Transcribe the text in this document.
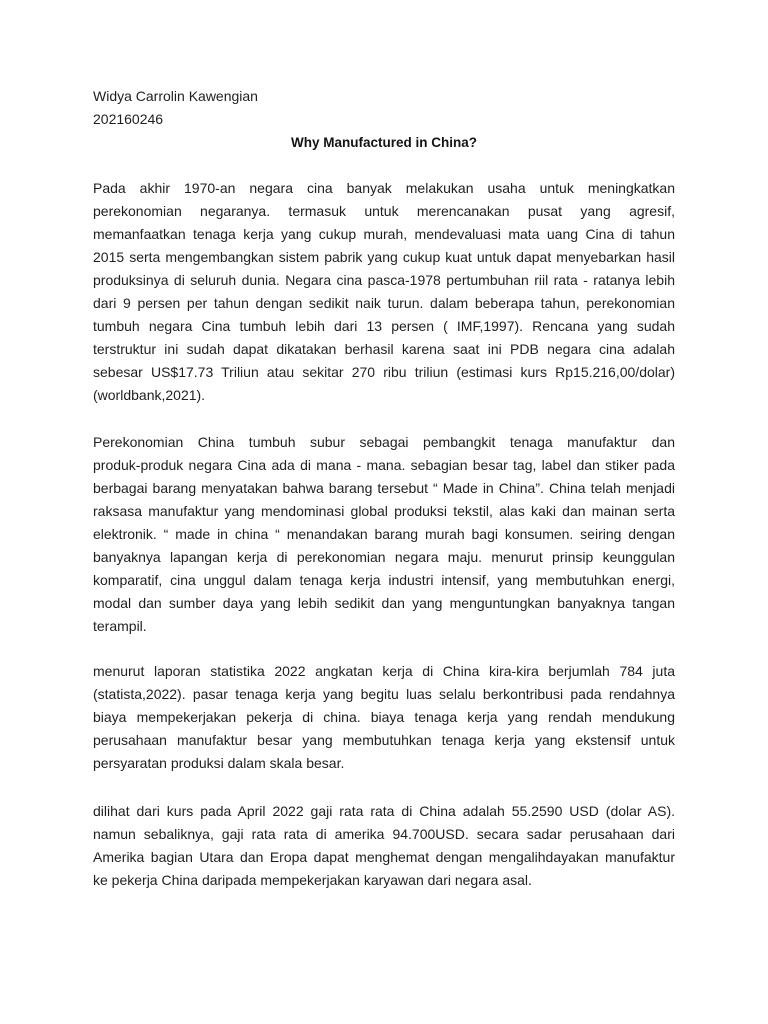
Widya Carrolin Kawengian
202160246
Why Manufactured in China?
Pada akhir 1970-an negara cina banyak melakukan usaha untuk meningkatkan
perekonomian negaranya. termasuk untuk merencanakan pusat yang agresif,
memanfaatkan tenaga kerja yang cukup murah, mendevaluasi mata uang Cina di tahun
2015 serta mengembangkan sistem pabrik yang cukup kuat untuk dapat menyebarkan hasil
produksinya di seluruh dunia. Negara cina pasca-1978 pertumbuhan riil rata - ratanya lebih
dari 9 persen per tahun dengan sedikit naik turun. dalam beberapa tahun, perekonomian
tumbuh negara Cina tumbuh lebih dari 13 persen ( IMF,1997). Rencana yang sudah
terstruktur ini sudah dapat dikatakan berhasil karena saat ini PDB negara cina adalah
sebesar US$17.73 Triliun atau sekitar 270 ribu triliun (estimasi kurs Rp15.216,00/dolar)
(worldbank,2021).
Perekonomian China tumbuh subur sebagai pembangkit tenaga manufaktur dan
produk-produk negara Cina ada di mana - mana. sebagian besar tag, label dan stiker pada
berbagai barang menyatakan bahwa barang tersebut “ Made in China”. China telah menjadi
raksasa manufaktur yang mendominasi global produksi tekstil, alas kaki dan mainan serta
elektronik. “ made in china “ menandakan barang murah bagi konsumen. seiring dengan
banyaknya lapangan kerja di perekonomian negara maju. menurut prinsip keunggulan
komparatif, cina unggul dalam tenaga kerja industri intensif, yang membutuhkan energi,
modal dan sumber daya yang lebih sedikit dan yang menguntungkan banyaknya tangan
terampil.
menurut laporan statistika 2022 angkatan kerja di China kira-kira berjumlah 784 juta
(statista,2022). pasar tenaga kerja yang begitu luas selalu berkontribusi pada rendahnya
biaya mempekerjakan pekerja di china. biaya tenaga kerja yang rendah mendukung
perusahaan manufaktur besar yang membutuhkan tenaga kerja yang ekstensif untuk
persyaratan produksi dalam skala besar.
dilihat dari kurs pada April 2022 gaji rata rata di China adalah 55.2590 USD (dolar AS).
namun sebaliknya, gaji rata rata di amerika 94.700USD. secara sadar perusahaan dari
Amerika bagian Utara dan Eropa dapat menghemat dengan mengalihdayakan manufaktur
ke pekerja China daripada mempekerjakan karyawan dari negara asal.
